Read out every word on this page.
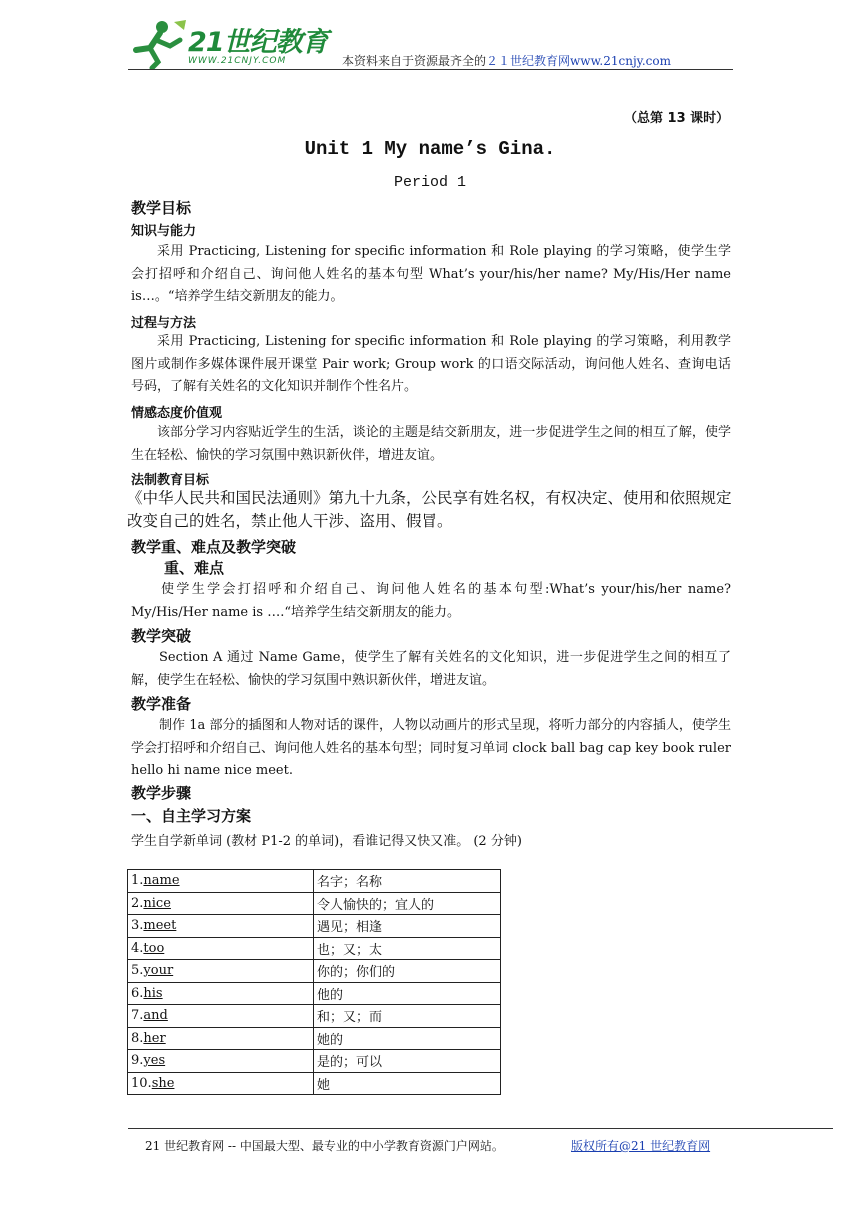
21世纪教育
WWW.21CNJY.COM	本资料来自于资源最齐全的２１世纪教育网www.21cnjy.com
（总第 13 课时）
Unit 1 My name’s Gina.
Period 1
教学目标
知识与能力
采用 Practicing, Listening for specific information 和 Role playing 的学习策略，使学生学会打招呼和介绍自己、询问他人姓名的基本句型 What’s your/his/her name? My/His/Her name is…。“培养学生结交新朋友的能力。
过程与方法
采用 Practicing, Listening for specific information 和 Role playing 的学习策略，利用教学图片或制作多媒体课件展开课堂 Pair work; Group work 的口语交际活动，询问他人姓名、查询电话号码，了解有关姓名的文化知识并制作个性名片。
情感态度价值观
该部分学习内容贴近学生的生活，谈论的主题是结交新朋友，进一步促进学生之间的相互了解，使学生在轻松、愉快的学习氛围中熟识新伙伴，增进友谊。
法制教育目标
《中华人民共和国民法通则》第九十九条，公民享有姓名权，有权决定、使用和依照规定改变自己的姓名，禁止他人干涉、盗用、假冒。
教学重、难点及教学突破
重、难点
使学生学会打招呼和介绍自己、询问他人姓名的基本句型:What’s your/his/her name? My/His/Her name is ….“培养学生结交新朋友的能力。
教学突破
Section A 通过 Name Game，使学生了解有关姓名的文化知识，进一步促进学生之间的相互了解，使学生在轻松、愉快的学习氛围中熟识新伙伴，增进友谊。
教学准备
制作 1a 部分的插图和人物对话的课件，人物以动画片的形式呈现，将听力部分的内容插人，使学生学会打招呼和介绍自己、询问他人姓名的基本句型；同时复习单词 clock ball bag cap key book ruler hello hi name nice meet.
教学步骤
一、自主学习方案
学生自学新单词 (教材 P1-2 的单词)，看谁记得又快又准。 (2 分钟)
1.name	名字；名称
2.nice	令人愉快的；宜人的
3.meet	遇见；相逢
4.too	也；又；太
5.your	你的；你们的
6.his	他的
7.and	和；又；而
8.her	她的
9.yes	是的；可以
10.she	她
21 世纪教育网 -- 中国最大型、最专业的中小学教育资源门户网站。	版权所有@21 世纪教育网
